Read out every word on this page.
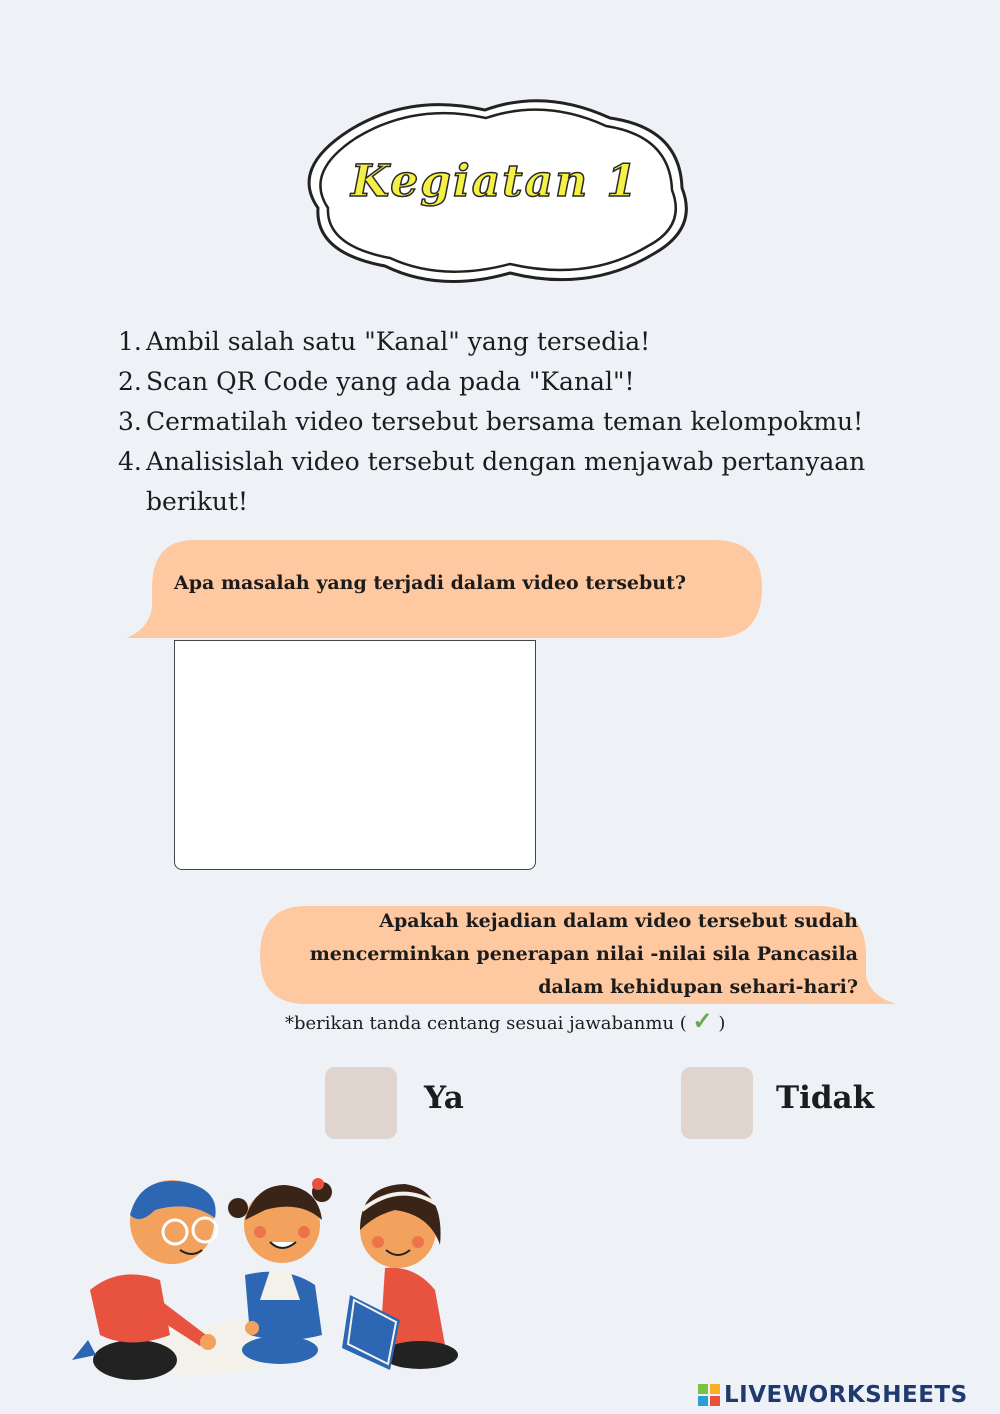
Kegiatan 1
1. Ambil salah satu "Kanal" yang tersedia!
2. Scan QR Code yang ada pada "Kanal"!
3. Cermatilah video tersebut bersama teman kelompokmu!
4. Analisislah video tersebut dengan menjawab pertanyaan berikut!
Apa masalah yang terjadi dalam video tersebut?
Apakah kejadian dalam video tersebut sudah
mencerminkan penerapan nilai -nilai sila Pancasila
dalam kehidupan sehari-hari?
*berikan tanda centang sesuai jawabanmu ( ✓ )
Ya	Tidak
LIVEWORKSHEETS
